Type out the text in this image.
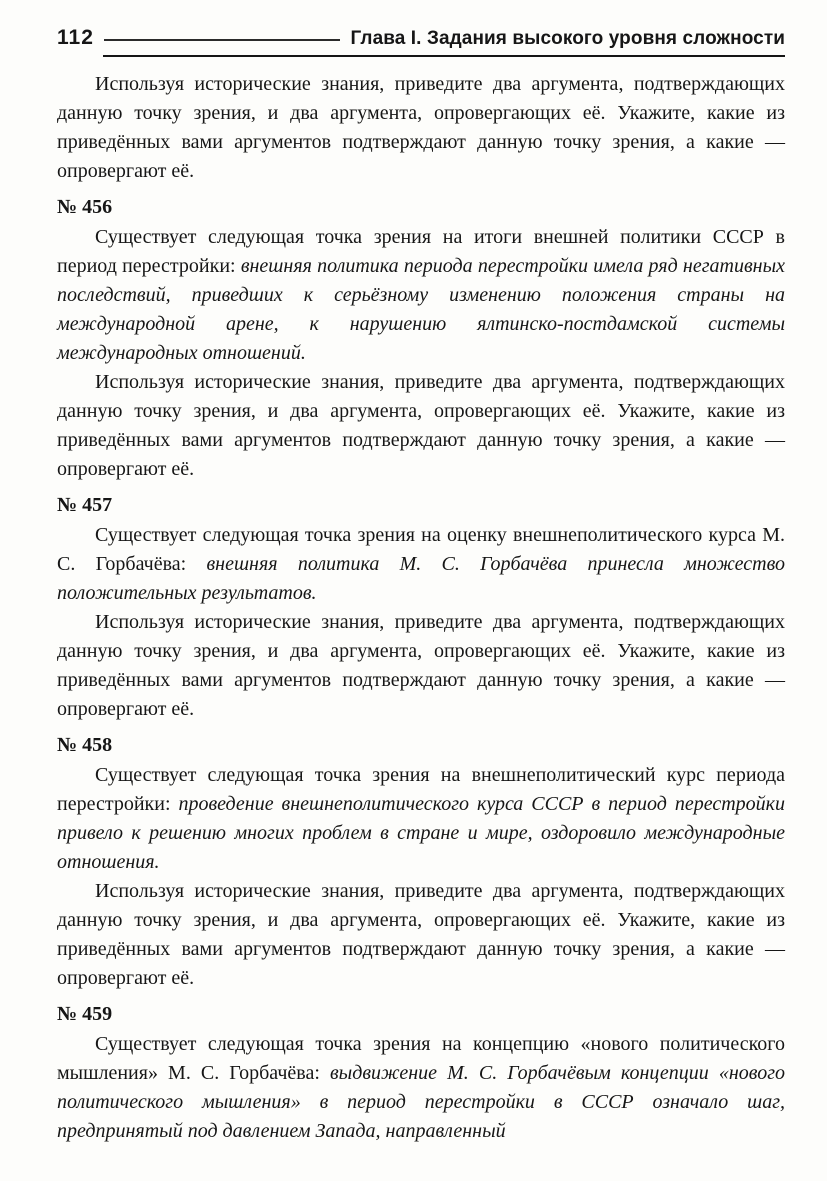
112	Глава I. Задания высокого уровня сложности

Используя исторические знания, приведите два аргумента, подтверждающих данную точку зрения, и два аргумента, опровергающих её. Укажите, какие из приведённых вами аргументов подтверждают данную точку зрения, а какие — опровергают её.

№ 456

Существует следующая точка зрения на итоги внешней политики СССР в период перестройки: внешняя политика периода перестройки имела ряд негативных последствий, приведших к серьёзному изменению положения страны на международной арене, к нарушению ялтинско-постдамской системы международных отношений.

Используя исторические знания, приведите два аргумента, подтверждающих данную точку зрения, и два аргумента, опровергающих её. Укажите, какие из приведённых вами аргументов подтверждают данную точку зрения, а какие — опровергают её.

№ 457

Существует следующая точка зрения на оценку внешнеполитического курса М. С. Горбачёва: внешняя политика М. С. Горбачёва принесла множество положительных результатов.

Используя исторические знания, приведите два аргумента, подтверждающих данную точку зрения, и два аргумента, опровергающих её. Укажите, какие из приведённых вами аргументов подтверждают данную точку зрения, а какие — опровергают её.

№ 458

Существует следующая точка зрения на внешнеполитический курс периода перестройки: проведение внешнеполитического курса СССР в период перестройки привело к решению многих проблем в стране и мире, оздоровило международные отношения.

Используя исторические знания, приведите два аргумента, подтверждающих данную точку зрения, и два аргумента, опровергающих её. Укажите, какие из приведённых вами аргументов подтверждают данную точку зрения, а какие — опровергают её.

№ 459

Существует следующая точка зрения на концепцию «нового политического мышления» М. С. Горбачёва: выдвижение М. С. Горбачёвым концепции «нового политического мышления» в период перестройки в СССР означало шаг, предпринятый под давлением Запада, направленный
